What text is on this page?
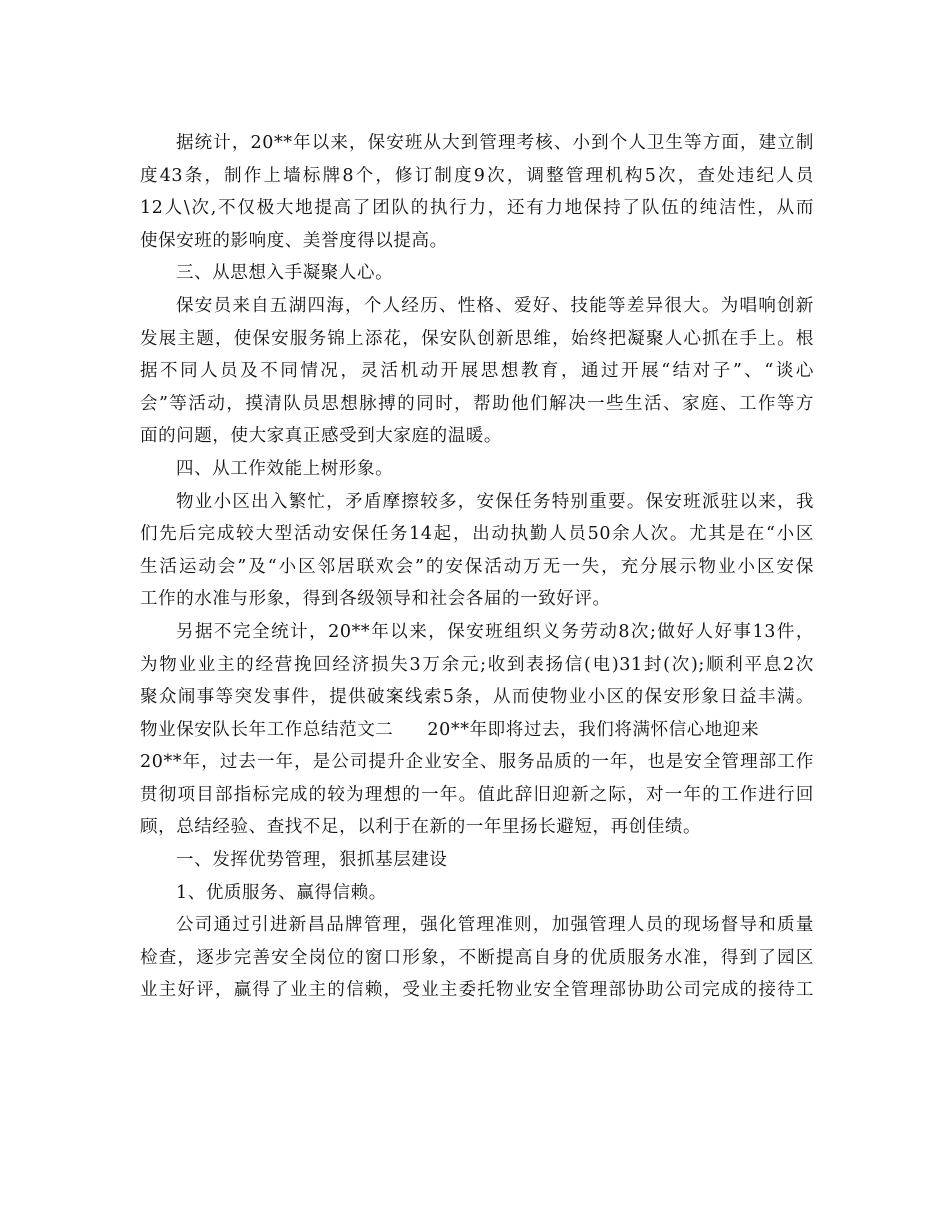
据统计，20**年以来，保安班从大到管理考核、小到个人卫生等方面，建立制
度43条，制作上墙标牌8个，修订制度9次，调整管理机构5次，查处违纪人员
12人\次,不仅极大地提高了团队的执行力，还有力地保持了队伍的纯洁性，从而
使保安班的影响度、美誉度得以提高。
三、从思想入手凝聚人心。
保安员来自五湖四海，个人经历、性格、爱好、技能等差异很大。为唱响创新
发展主题，使保安服务锦上添花，保安队创新思维，始终把凝聚人心抓在手上。根
据不同人员及不同情况，灵活机动开展思想教育，通过开展“结对子”、“谈心
会”等活动，摸清队员思想脉搏的同时，帮助他们解决一些生活、家庭、工作等方
面的问题，使大家真正感受到大家庭的温暖。
四、从工作效能上树形象。
物业小区出入繁忙，矛盾摩擦较多，安保任务特别重要。保安班派驻以来，我
们先后完成较大型活动安保任务14起，出动执勤人员50余人次。尤其是在“小区
生活运动会”及“小区邻居联欢会”的安保活动万无一失，充分展示物业小区安保
工作的水准与形象，得到各级领导和社会各届的一致好评。
另据不完全统计，20**年以来，保安班组织义务劳动8次;做好人好事13件，
为物业业主的经营挽回经济损失3万余元;收到表扬信(电)31封(次);顺利平息2次
聚众闹事等突发事件，提供破案线索5条，从而使物业小区的保安形象日益丰满。
物业保安队长年工作总结范文二 20**年即将过去，我们将满怀信心地迎来
20**年，过去一年，是公司提升企业安全、服务品质的一年，也是安全管理部工作
贯彻项目部指标完成的较为理想的一年。值此辞旧迎新之际，对一年的工作进行回
顾，总结经验、查找不足，以利于在新的一年里扬长避短，再创佳绩。
一、发挥优势管理，狠抓基层建设
1、优质服务、赢得信赖。
公司通过引进新昌品牌管理，强化管理准则，加强管理人员的现场督导和质量
检查，逐步完善安全岗位的窗口形象，不断提高自身的优质服务水准，得到了园区
业主好评，赢得了业主的信赖，受业主委托物业安全管理部协助公司完成的接待工
